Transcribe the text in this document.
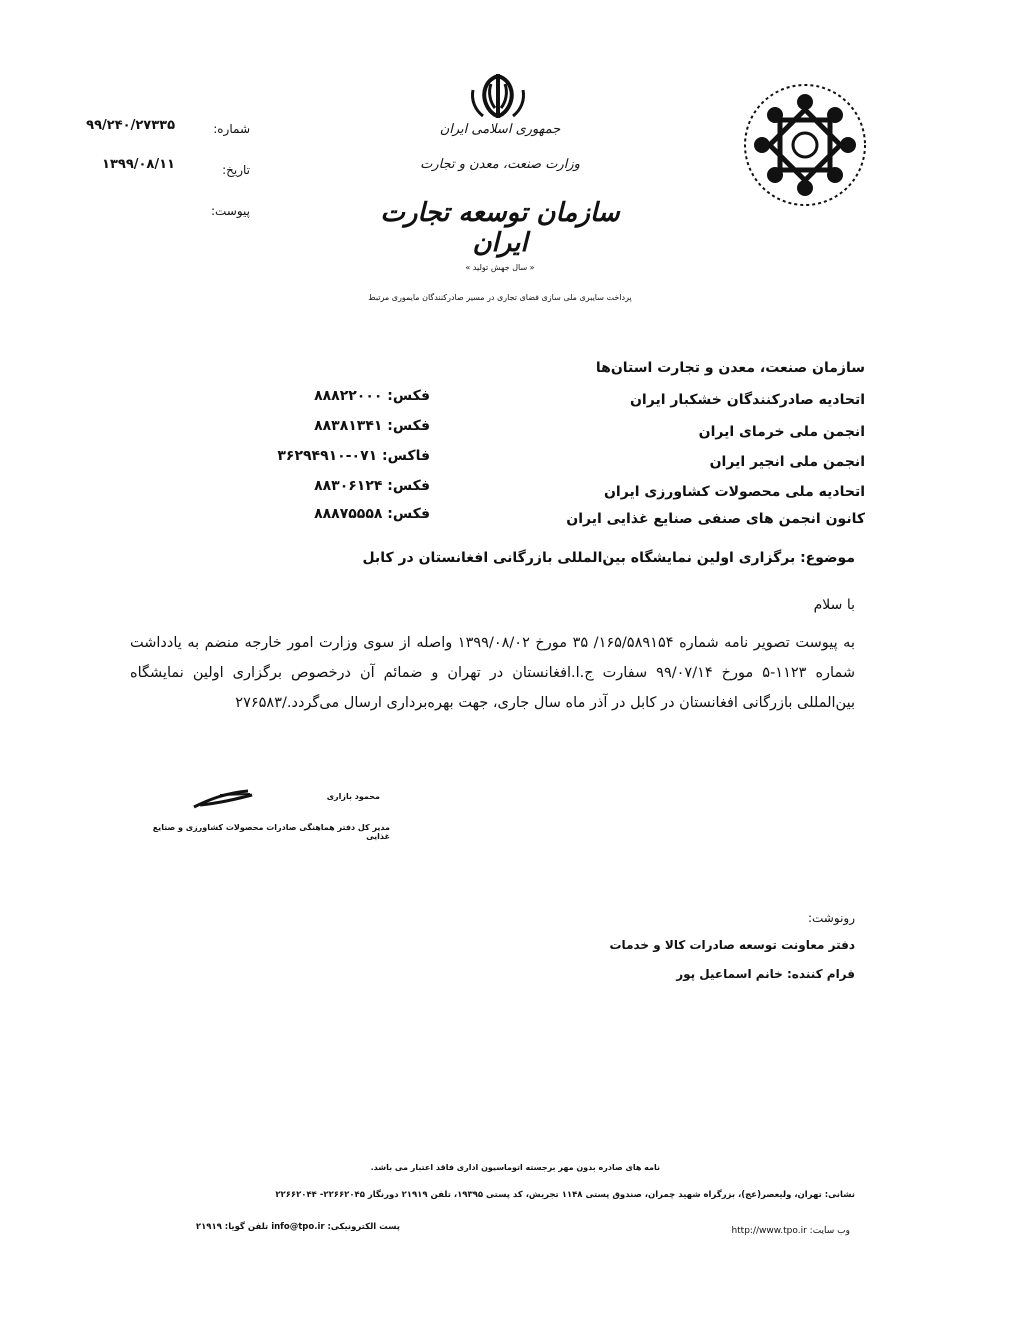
جمهوری اسلامی ایران
وزارت صنعت، معدن و تجارت
سازمان توسعه تجارت ایران
« سال جهش تولید »
پرداخت سایبری ملی سازی فضای تجاری در مسیر صادرکنندگان مایموری مرتبط
شماره:
۹۹/۲۴۰/۲۷۳۳۵
تاریخ:
۱۳۹۹/۰۸/۱۱
پیوست:
سازمان صنعت، معدن و تجارت استان‌ها
اتحادیه صادرکنندگان خشکبار ایران
فکس: ۸۸۸۲۲۰۰۰
انجمن ملی خرمای ایران
فکس: ۸۸۳۸۱۳۴۱
انجمن ملی انجیر ایران
فاکس: ۰۷۱-۳۶۲۹۴۹۱۰
اتحادیه ملی محصولات کشاورزی ایران
فکس: ۸۸۳۰۶۱۲۴
کانون انجمن های صنفی صنایع غذایی ایران
فکس: ۸۸۸۷۵۵۵۸
موضوع: برگزاری اولین نمایشگاه بین‌المللی بازرگانی افغانستان در کابل
با سلام
به پیوست تصویر نامه شماره ۱۶۵/۵۸۹۱۵۴/ ۳۵ مورخ ۱۳۹۹/۰۸/۰۲ واصله از سوی وزارت امور خارجه منضم به یادداشت شماره ۱۱۲۳-۵ مورخ ۹۹/۰۷/۱۴ سفارت ج.ا.افغانستان در تهران و ضمائم آن درخصوص برگزاری اولین نمایشگاه بین‌المللی بازرگانی افغانستان در کابل در آذر ماه سال جاری، جهت بهره‌برداری ارسال می‌گردد./۲۷۶۵۸۳
محمود بازاری
مدیر کل دفتر هماهنگی صادرات محصولات کشاورزی و صنایع غذایی
رونوشت:
دفتر معاونت توسعه صادرات کالا و خدمات
فرام کننده: خانم اسماعیل پور
نامه های صادره بدون مهر برجسته اتوماسیون اداری فاقد اعتبار می باشد.
نشانی: تهران، ولیعصر(عج)، بزرگراه شهید چمران، صندوق پستی ۱۱۴۸ تجریش، کد پستی ۱۹۳۹۵، تلفن ۲۱۹۱۹ دورنگار ۲۲۶۶۲۰۴۵- ۲۲۶۶۲۰۴۴
پست الکترونیکی: info@tpo.ir تلفن گویا: ۲۱۹۱۹	وب سایت: http://www.tpo.ir
